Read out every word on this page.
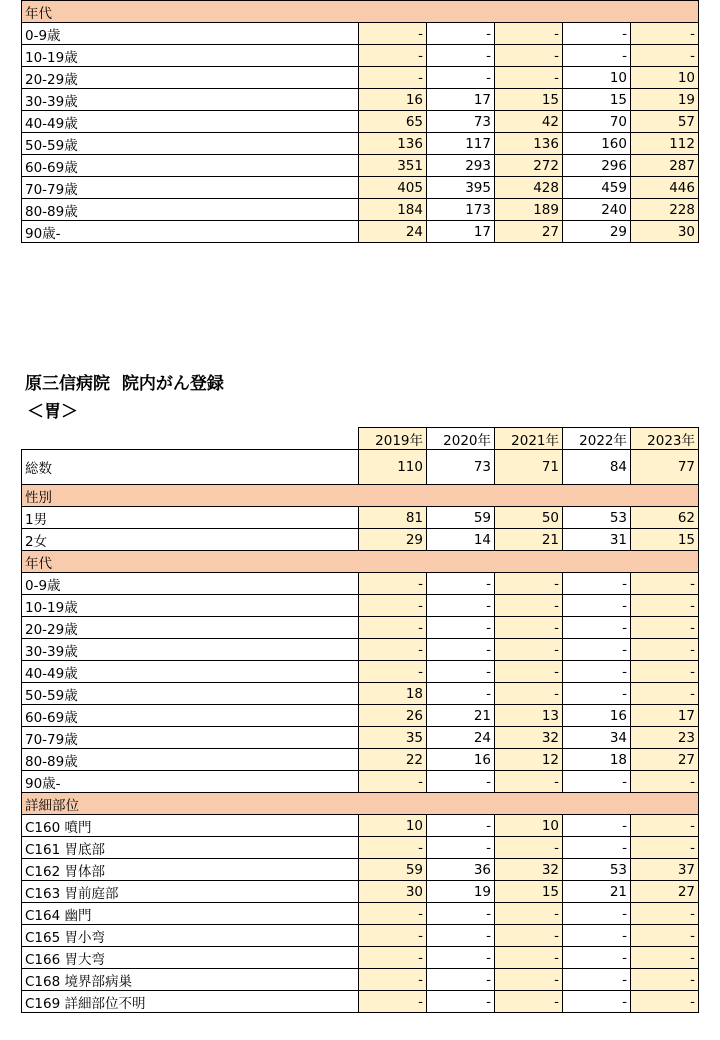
年代					
0-9歳	-	-	-	-	-
10-19歳	-	-	-	-	-
20-29歳	-	-	-	10	10
30-39歳	16	17	15	15	19
40-49歳	65	73	42	70	57
50-59歳	136	117	136	160	112
60-69歳	351	293	272	296	287
70-79歳	405	395	428	459	446
80-89歳	184	173	189	240	228
90歳-	24	17	27	29	30
原三信病院  院内がん登録
＜胃＞
	2019年	2020年	2021年	2022年	2023年
総数	110	73	71	84	77
性別					
1男	81	59	50	53	62
2女	29	14	21	31	15
年代					
0-9歳	-	-	-	-	-
10-19歳	-	-	-	-	-
20-29歳	-	-	-	-	-
30-39歳	-	-	-	-	-
40-49歳	-	-	-	-	-
50-59歳	18	-	-	-	-
60-69歳	26	21	13	16	17
70-79歳	35	24	32	34	23
80-89歳	22	16	12	18	27
90歳-	-	-	-	-	-
詳細部位					
C160 噴門	10	-	10	-	-
C161 胃底部	-	-	-	-	-
C162 胃体部	59	36	32	53	37
C163 胃前庭部	30	19	15	21	27
C164 幽門	-	-	-	-	-
C165 胃小弯	-	-	-	-	-
C166 胃大弯	-	-	-	-	-
C168 境界部病巣	-	-	-	-	-
C169 詳細部位不明	-	-	-	-	-
